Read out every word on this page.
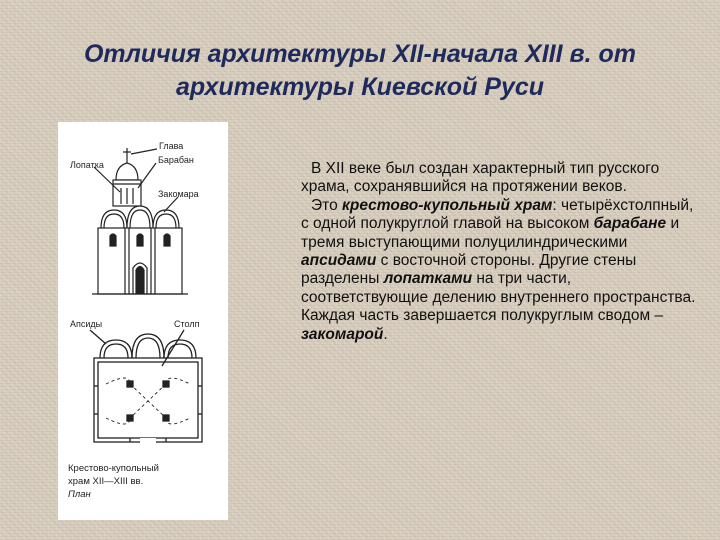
Отличия архитектуры XII-начала XIII в. от
архитектуры Киевской Руси
Глава
Лопатка	Барабан
Закомара
Апсиды	Столп
Крестово-купольный
храм XII—XIII вв.
План

В XII веке был создан характерный тип русского храма, сохранявшийся на протяжении веков.

Это крестово-купольный храм: четырёхстолпный, с одной полукруглой главой на высоком барабане и тремя выступающими полуцилиндрическими апсидами с восточной стороны. Другие стены разделены лопатками на три части, соответствующие делению внутреннего пространства. Каждая часть завершается полукруглым сводом – закомарой.
